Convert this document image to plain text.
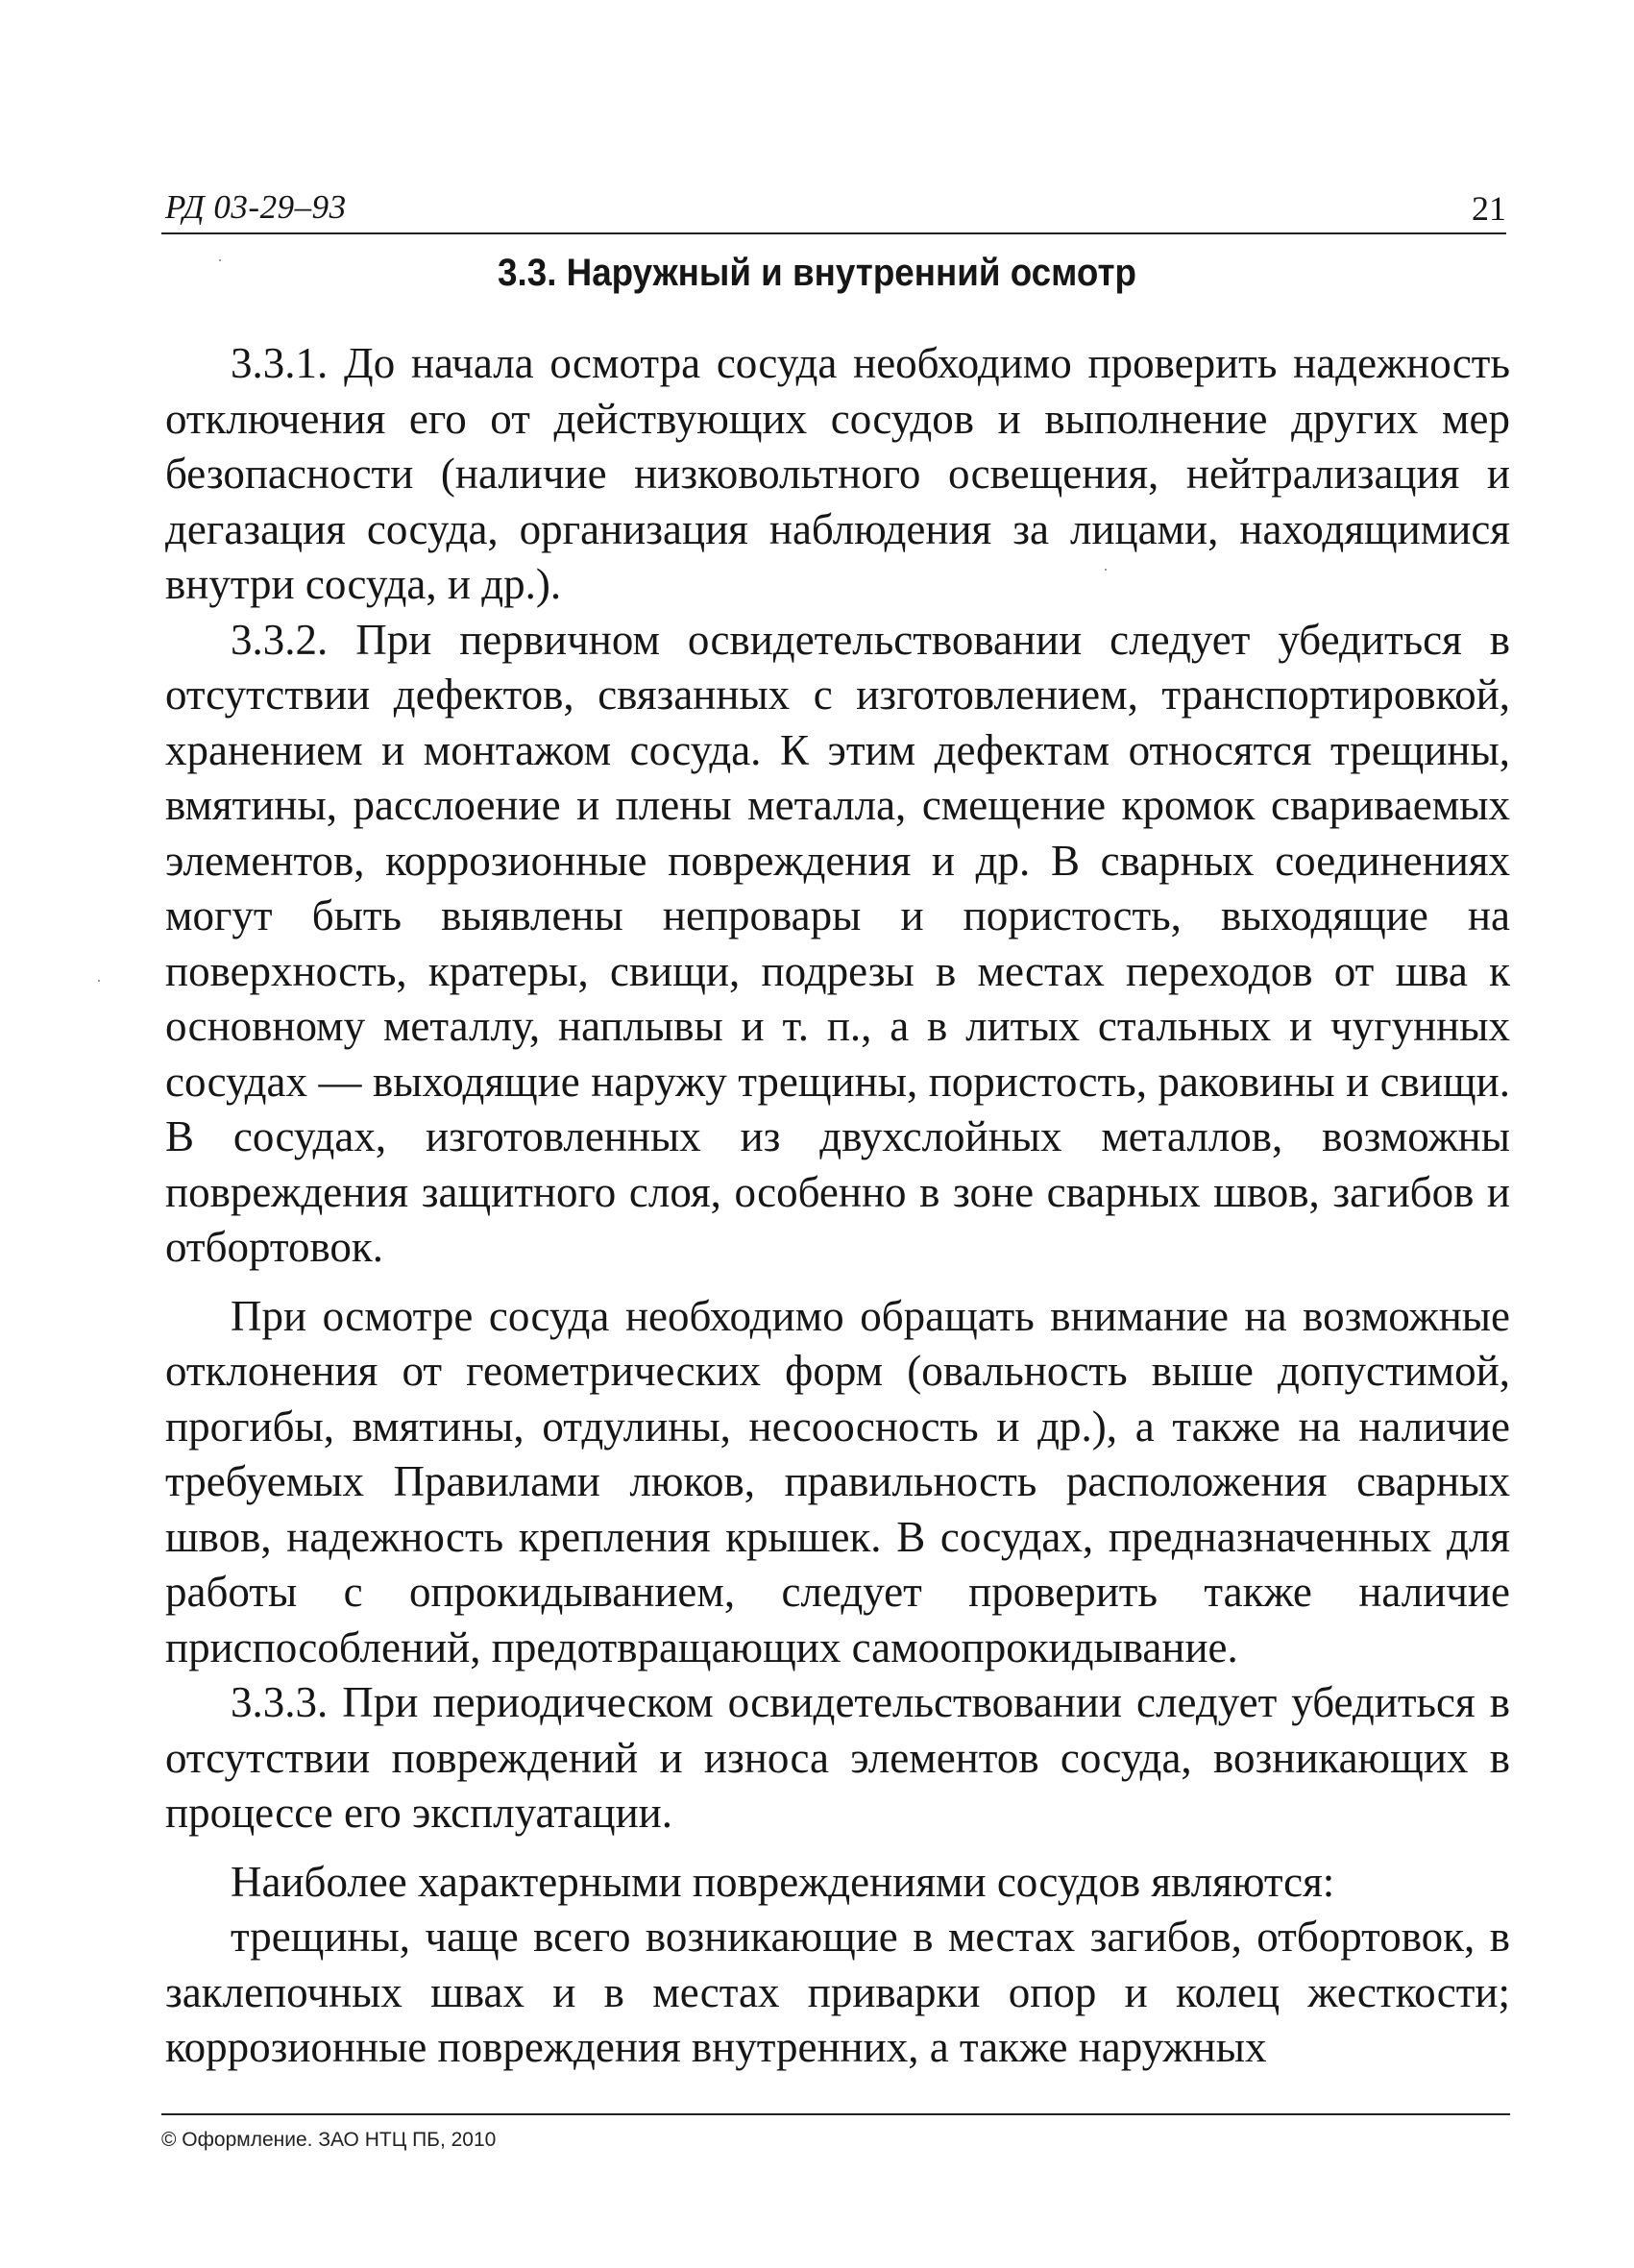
РД 03-29–93	21
3.3. Наружный и внутренний осмотр

3.3.1. До начала осмотра сосуда необходимо проверить надежность отключения его от действующих сосудов и выполнение других мер безопасности (наличие низковольтного освещения, нейтрализация и дегазация сосуда, организация наблюдения за лицами, находящимися внутри сосуда, и др.).

3.3.2. При первичном освидетельствовании следует убедиться в отсутствии дефектов, связанных с изготовлением, транспортировкой, хранением и монтажом сосуда. К этим дефектам относятся трещины, вмятины, расслоение и плены металла, смещение кромок свариваемых элементов, коррозионные повреждения и др. В сварных соединениях могут быть выявлены непровары и пористость, выходящие на поверхность, кратеры, свищи, подрезы в местах переходов от шва к основному металлу, наплывы и т. п., а в литых стальных и чугунных сосудах — выходящие наружу трещины, пористость, раковины и свищи. В сосудах, изготовленных из двухслойных металлов, возможны повреждения защитного слоя, особенно в зоне сварных швов, загибов и отбортовок.

При осмотре сосуда необходимо обращать внимание на возможные отклонения от геометрических форм (овальность выше допустимой, прогибы, вмятины, отдулины, несоосность и др.), а также на наличие требуемых Правилами люков, правильность расположения сварных швов, надежность крепления крышек. В сосудах, предназначенных для работы с опрокидыванием, следует проверить также наличие приспособлений, предотвращающих самоопрокидывание.

3.3.3. При периодическом освидетельствовании следует убедиться в отсутствии повреждений и износа элементов сосуда, возникающих в процессе его эксплуатации.

Наиболее характерными повреждениями сосудов являются:

трещины, чаще всего возникающие в местах загибов, отбортовок, в заклепочных швах и в местах приварки опор и колец жесткости; коррозионные повреждения внутренних, а также наружных

© Оформление. ЗАО НТЦ ПБ, 2010
